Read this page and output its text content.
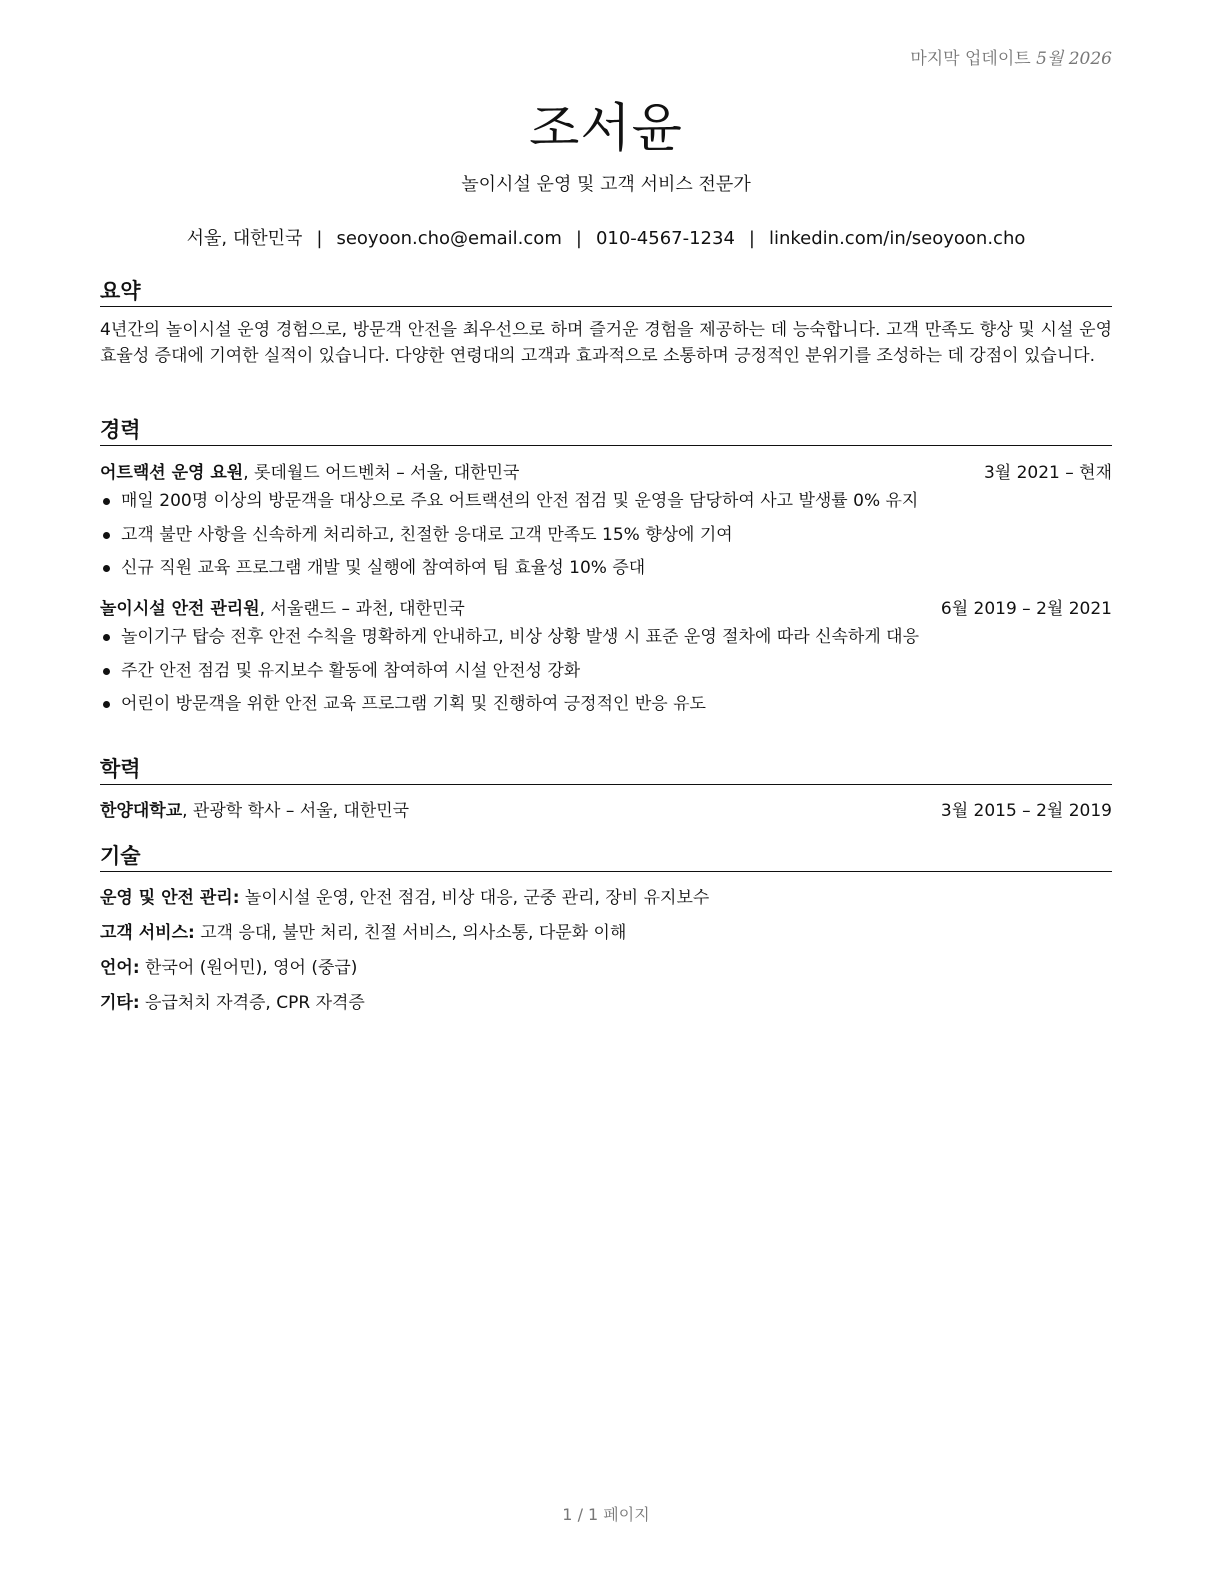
마지막 업데이트 5월 2026
조서윤
놀이시설 운영 및 고객 서비스 전문가
서울, 대한민국 | seoyoon.cho@email.com | 010-4567-1234 | linkedin.com/in/seoyoon.cho
요약

4년간의 놀이시설 운영 경험으로, 방문객 안전을 최우선으로 하며 즐거운 경험을 제공하는 데 능숙합니다. 고객 만족도 향상 및 시설 운영 효율성 증대에 기여한 실적이 있습니다. 다양한 연령대의 고객과 효과적으로 소통하며 긍정적인 분위기를 조성하는 데 강점이 있습니다.

경력
어트랙션 운영 요원, 롯데월드 어드벤처 – 서울, 대한민국	3월 2021 – 현재
매일 200명 이상의 방문객을 대상으로 주요 어트랙션의 안전 점검 및 운영을 담당하여 사고 발생률 0% 유지
고객 불만 사항을 신속하게 처리하고, 친절한 응대로 고객 만족도 15% 향상에 기여
신규 직원 교육 프로그램 개발 및 실행에 참여하여 팀 효율성 10% 증대
놀이시설 안전 관리원, 서울랜드 – 과천, 대한민국	6월 2019 – 2월 2021
놀이기구 탑승 전후 안전 수칙을 명확하게 안내하고, 비상 상황 발생 시 표준 운영 절차에 따라 신속하게 대응
주간 안전 점검 및 유지보수 활동에 참여하여 시설 안전성 강화
어린이 방문객을 위한 안전 교육 프로그램 기획 및 진행하여 긍정적인 반응 유도
학력
한양대학교, 관광학 학사 – 서울, 대한민국	3월 2015 – 2월 2019
기술
운영 및 안전 관리: 놀이시설 운영, 안전 점검, 비상 대응, 군중 관리, 장비 유지보수
고객 서비스: 고객 응대, 불만 처리, 친절 서비스, 의사소통, 다문화 이해
언어: 한국어 (원어민), 영어 (중급)
기타: 응급처치 자격증, CPR 자격증
1 / 1 페이지
